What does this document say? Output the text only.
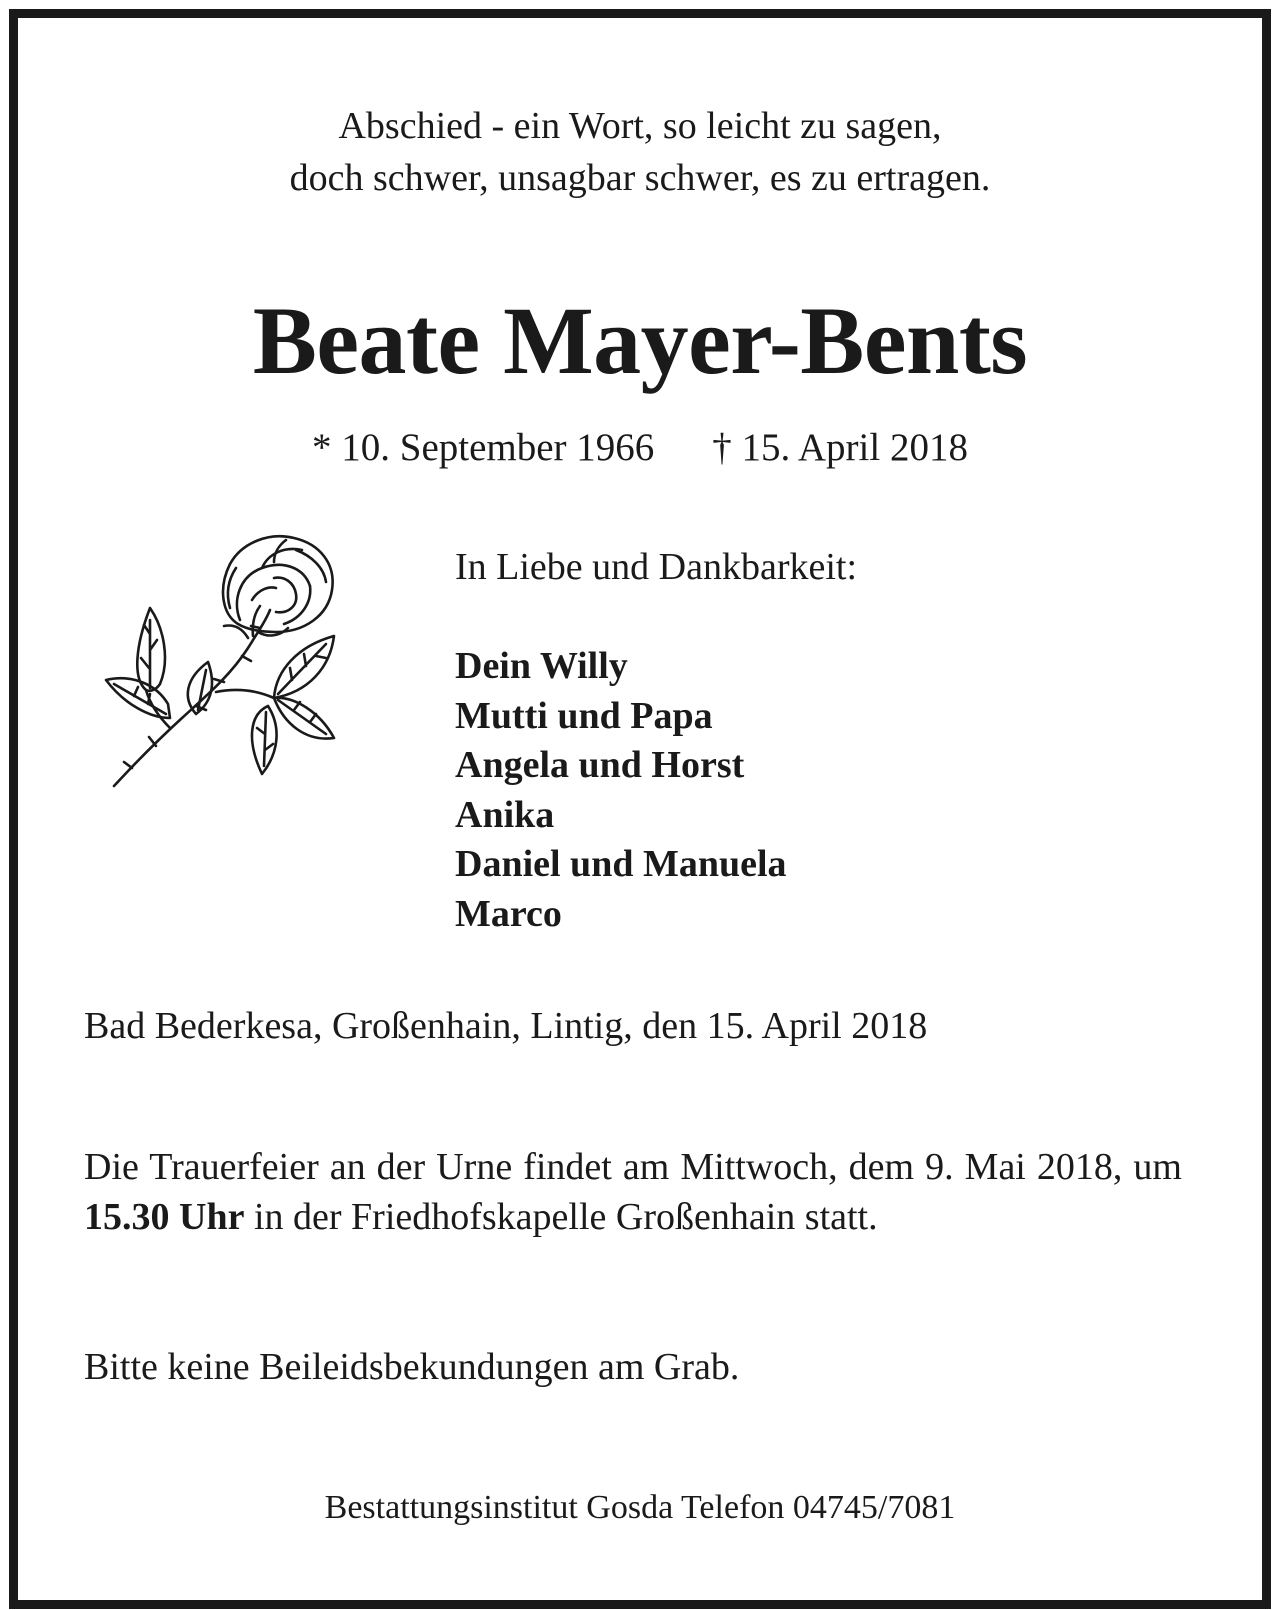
Abschied - ein Wort, so leicht zu sagen,
doch schwer, unsagbar schwer, es zu ertragen.
Beate Mayer-Bents
* 10. September 1966 † 15. April 2018
In Liebe und Dankbarkeit:
Dein Willy
Mutti und Papa
Angela und Horst
Anika
Daniel und Manuela
Marco
Bad Bederkesa, Großenhain, Lintig, den 15. April 2018
Die Trauerfeier an der Urne findet am Mittwoch, dem 9. Mai 2018, um 15.30 Uhr in der Friedhofskapelle Großenhain statt.
Bitte keine Beileidsbekundungen am Grab.
Bestattungsinstitut Gosda Telefon 04745/7081
